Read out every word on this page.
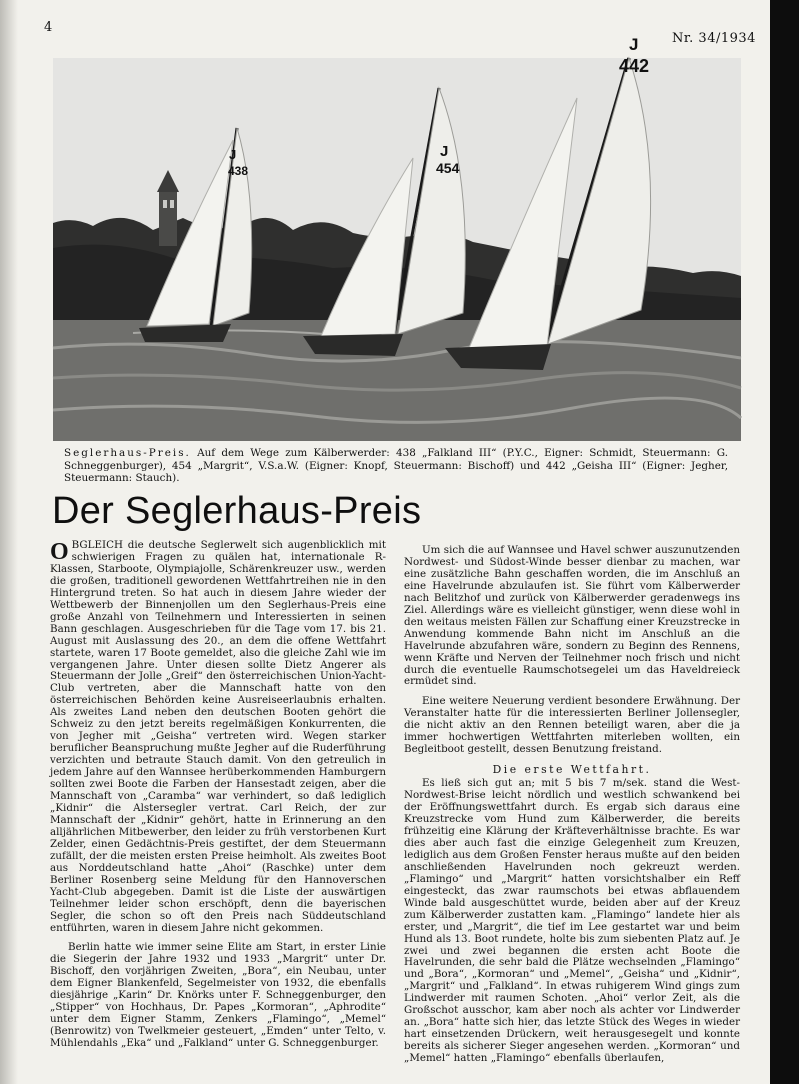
4
Nr. 34/1934
J
438
J
454
J
442
Seglerhaus-Preis. Auf dem Wege zum Kälberwerder: 438 „Falkland III“ (P.Y.C., Eigner: Schmidt, Steuermann: G. Schneggenburger), 454 „Margrit“, V.S.a.W. (Eigner: Knopf, Steuermann: Bischoff) und 442 „Geisha III“ (Eigner: Jegher, Steuermann: Stauch).
Der Seglerhaus-Preis

OBGLEICH die deutsche Seglerwelt sich augenblicklich mit schwierigen Fragen zu quälen hat, internationale R-Klassen, Starboote, Olympiajolle, Schärenkreuzer usw., werden die großen, traditionell gewordenen Wettfahrtreihen nie in den Hintergrund treten. So hat auch in diesem Jahre wieder der Wettbewerb der Binnenjollen um den Seglerhaus-Preis eine große Anzahl von Teilnehmern und Interessierten in seinen Bann geschlagen. Ausgeschrieben für die Tage vom 17. bis 21. August mit Auslassung des 20., an dem die offene Wettfahrt startete, waren 17 Boote gemeldet, also die gleiche Zahl wie im vergangenen Jahre. Unter diesen sollte Dietz Angerer als Steuermann der Jolle „Greif“ den österreichischen Union-Yacht-Club vertreten, aber die Mannschaft hatte von den österreichischen Behörden keine Ausreiseerlaubnis erhalten. Als zweites Land neben den deutschen Booten gehört die Schweiz zu den jetzt bereits regelmäßigen Konkurrenten, die von Jegher mit „Geisha“ vertreten wird. Wegen starker beruflicher Beanspruchung mußte Jegher auf die Ruderführung verzichten und betraute Stauch damit. Von den getreulich in jedem Jahre auf den Wannsee herüberkommenden Hamburgern sollten zwei Boote die Farben der Hansestadt zeigen, aber die Mannschaft von „Caramba“ war verhindert, so daß lediglich „Kidnir“ die Alstersegler vertrat. Carl Reich, der zur Mannschaft der „Kidnir“ gehört, hatte in Erinnerung an den alljährlichen Mitbewerber, den leider zu früh verstorbenen Kurt Zelder, einen Gedächtnis-Preis gestiftet, der dem Steuermann zufällt, der die meisten ersten Preise heimholt. Als zweites Boot aus Norddeutschland hatte „Ahoi“ (Raschke) unter dem Berliner Rosenberg seine Meldung für den Hannoverschen Yacht-Club abgegeben. Damit ist die Liste der auswärtigen Teilnehmer leider schon erschöpft, denn die bayerischen Segler, die schon so oft den Preis nach Süddeutschland entführten, waren in diesem Jahre nicht gekommen.

Berlin hatte wie immer seine Elite am Start, in erster Linie die Siegerin der Jahre 1932 und 1933 „Margrit“ unter Dr. Bischoff, den vorjährigen Zweiten, „Bora“, ein Neubau, unter dem Eigner Blankenfeld, Segelmeister von 1932, die ebenfalls diesjährige „Karin“ Dr. Knörks unter F. Schneggenburger, den „Stipper“ von Hochhaus, Dr. Papes „Kormoran“, „Aphrodite“ unter dem Eigner Stamm, Zenkers „Flamingo“, „Memel“ (Benrowitz) von Twelkmeier gesteuert, „Emden“ unter Telto, v. Mühlendahls „Eka“ und „Falkland“ unter G. Schneggenburger.

Um sich die auf Wannsee und Havel schwer auszunutzenden Nordwest- und Südost-Winde besser dienbar zu machen, war eine zusätzliche Bahn geschaffen worden, die im Anschluß an eine Havelrunde abzulaufen ist. Sie führt vom Kälberwerder nach Belitzhof und zurück von Kälberwerder geradenwegs ins Ziel. Allerdings wäre es vielleicht günstiger, wenn diese wohl in den weitaus meisten Fällen zur Schaffung einer Kreuzstrecke in Anwendung kommende Bahn nicht im Anschluß an die Havelrunde abzufahren wäre, sondern zu Beginn des Rennens, wenn Kräfte und Nerven der Teilnehmer noch frisch und nicht durch die eventuelle Raumschotsegelei um das Haveldreieck ermüdet sind.

Eine weitere Neuerung verdient besondere Erwähnung. Der Veranstalter hatte für die interessierten Berliner Jollensegler, die nicht aktiv an den Rennen beteiligt waren, aber die ja immer hochwertigen Wettfahrten miterleben wollten, ein Begleitboot gestellt, dessen Benutzung freistand.

Die erste Wettfahrt.

Es ließ sich gut an; mit 5 bis 7 m/sek. stand die West-Nordwest-Brise leicht nördlich und westlich schwankend bei der Eröffnungswettfahrt durch. Es ergab sich daraus eine Kreuzstrecke vom Hund zum Kälberwerder, die bereits frühzeitig eine Klärung der Kräfteverhältnisse brachte. Es war dies aber auch fast die einzige Gelegenheit zum Kreuzen, lediglich aus dem Großen Fenster heraus mußte auf den beiden anschließenden Havelrunden noch gekreuzt werden. „Flamingo“ und „Margrit“ hatten vorsichtshalber ein Reff eingesteckt, das zwar raumschots bei etwas abflauendem Winde bald ausgeschüttet wurde, beiden aber auf der Kreuz zum Kälberwerder zustatten kam. „Flamingo“ landete hier als erster, und „Margrit“, die tief im Lee gestartet war und beim Hund als 13. Boot rundete, holte bis zum siebenten Platz auf. Je zwei und zwei begannen die ersten acht Boote die Havelrunden, die sehr bald die Plätze wechselnden „Flamingo“ und „Bora“, „Kormoran“ und „Memel“, „Geisha“ und „Kidnir“, „Margrit“ und „Falkland“. In etwas ruhigerem Wind gings zum Lindwerder mit raumen Schoten. „Ahoi“ verlor Zeit, als die Großschot ausschor, kam aber noch als achter vor Lindwerder an. „Bora“ hatte sich hier, das letzte Stück des Weges in wieder hart einsetzenden Drückern, weit herausgesegelt und konnte bereits als sicherer Sieger angesehen werden. „Kormoran“ und „Memel“ hatten „Flamingo“ ebenfalls überlaufen,
